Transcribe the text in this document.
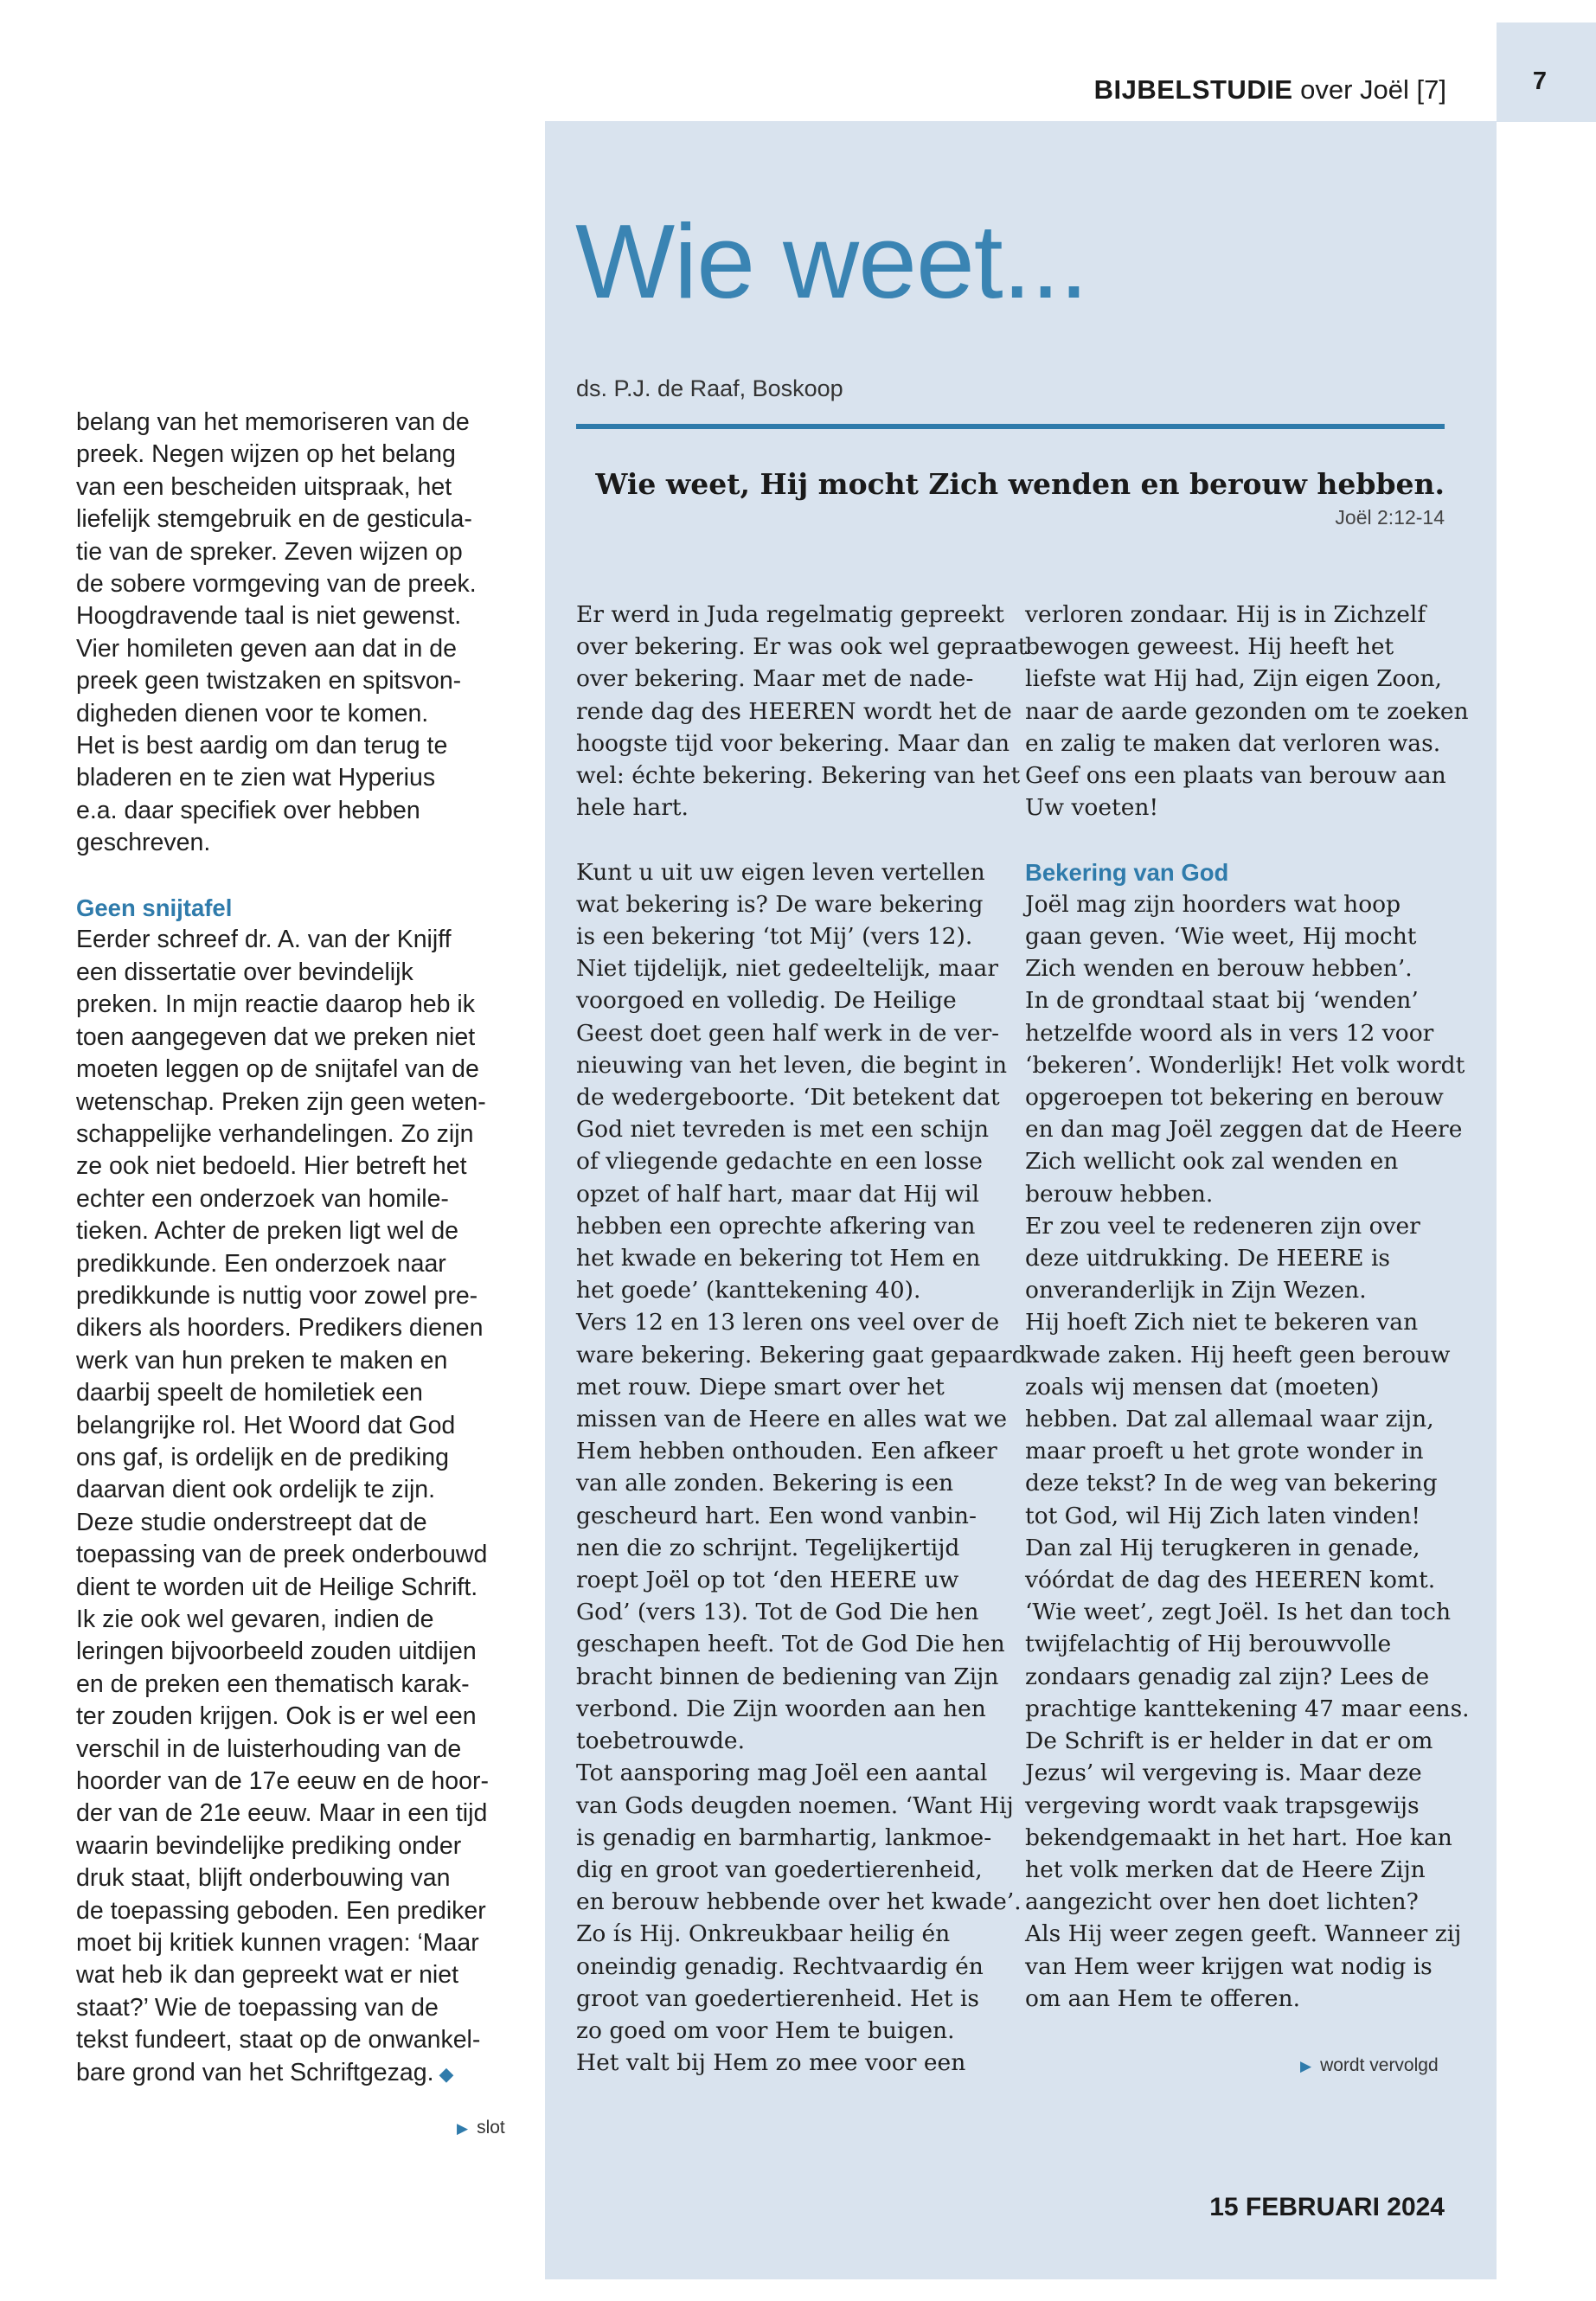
7
BIJBELSTUDIE over Joël [7]
Wie weet...
ds. P.J. de Raaf, Boskoop
Wie weet, Hij mocht Zich wenden en berouw hebben.
Joël 2:12-14
belang van het memoriseren van de
preek. Negen wijzen op het belang
van een bescheiden uitspraak, het
liefelijk stemgebruik en de gesticula-
tie van de spreker. Zeven wijzen op
de sobere vormgeving van de preek.
Hoogdravende taal is niet gewenst.
Vier homileten geven aan dat in de
preek geen twistzaken en spitsvon-
digheden dienen voor te komen.
Het is best aardig om dan terug te
bladeren en te zien wat Hyperius
e.a. daar specifiek over hebben
geschreven.
Geen snijtafel
Eerder schreef dr. A. van der Knijff
een dissertatie over bevindelijk
preken. In mijn reactie daarop heb ik
toen aangegeven dat we preken niet
moeten leggen op de snijtafel van de
wetenschap. Preken zijn geen weten-
schappelijke verhandelingen. Zo zijn
ze ook niet bedoeld. Hier betreft het
echter een onderzoek van homile-
tieken. Achter de preken ligt wel de
predikkunde. Een onderzoek naar
predikkunde is nuttig voor zowel pre-
dikers als hoorders. Predikers dienen
werk van hun preken te maken en
daarbij speelt de homiletiek een
belangrijke rol. Het Woord dat God
ons gaf, is ordelijk en de prediking
daarvan dient ook ordelijk te zijn.
Deze studie onderstreept dat de
toepassing van de preek onderbouwd
dient te worden uit de Heilige Schrift.
Ik zie ook wel gevaren, indien de
leringen bijvoorbeeld zouden uitdijen
en de preken een thematisch karak-
ter zouden krijgen. Ook is er wel een
verschil in de luisterhouding van de
hoorder van de 17e eeuw en de hoor-
der van de 21e eeuw. Maar in een tijd
waarin bevindelijke prediking onder
druk staat, blijft onderbouwing van
de toepassing geboden. Een prediker
moet bij kritiek kunnen vragen: ‘Maar
wat heb ik dan gepreekt wat er niet
staat?’ Wie de toepassing van de
tekst fundeert, staat op de onwankel-
bare grond van het Schriftgezag. ◆
▶ slot
Er werd in Juda regelmatig gepreekt
over bekering. Er was ook wel gepraat
over bekering. Maar met de nade-
rende dag des HEEREN wordt het de
hoogste tijd voor bekering. Maar dan
wel: échte bekering. Bekering van het
hele hart.
Kunt u uit uw eigen leven vertellen
wat bekering is? De ware bekering
is een bekering ‘tot Mij’ (vers 12).
Niet tijdelijk, niet gedeeltelijk, maar
voorgoed en volledig. De Heilige
Geest doet geen half werk in de ver-
nieuwing van het leven, die begint in
de wedergeboorte. ‘Dit betekent dat
God niet tevreden is met een schijn
of vliegende gedachte en een losse
opzet of half hart, maar dat Hij wil
hebben een oprechte afkering van
het kwade en bekering tot Hem en
het goede’ (kanttekening 40).
Vers 12 en 13 leren ons veel over de
ware bekering. Bekering gaat gepaard
met rouw. Diepe smart over het
missen van de Heere en alles wat we
Hem hebben onthouden. Een afkeer
van alle zonden. Bekering is een
gescheurd hart. Een wond vanbin-
nen die zo schrijnt. Tegelijkertijd
roept Joël op tot ‘den HEERE uw
God’ (vers 13). Tot de God Die hen
geschapen heeft. Tot de God Die hen
bracht binnen de bediening van Zijn
verbond. Die Zijn woorden aan hen
toebetrouwde.
Tot aansporing mag Joël een aantal
van Gods deugden noemen. ‘Want Hij
is genadig en barmhartig, lankmoe-
dig en groot van goedertierenheid,
en berouw hebbende over het kwade’.
Zo ís Hij. Onkreukbaar heilig én
oneindig genadig. Rechtvaardig én
groot van goedertierenheid. Het is
zo goed om voor Hem te buigen.
Het valt bij Hem zo mee voor een
verloren zondaar. Hij is in Zichzelf
bewogen geweest. Hij heeft het
liefste wat Hij had, Zijn eigen Zoon,
naar de aarde gezonden om te zoeken
en zalig te maken dat verloren was.
Geef ons een plaats van berouw aan
Uw voeten!
Bekering van God
Joël mag zijn hoorders wat hoop
gaan geven. ‘Wie weet, Hij mocht
Zich wenden en berouw hebben’.
In de grondtaal staat bij ‘wenden’
hetzelfde woord als in vers 12 voor
‘bekeren’. Wonderlijk! Het volk wordt
opgeroepen tot bekering en berouw
en dan mag Joël zeggen dat de Heere
Zich wellicht ook zal wenden en
berouw hebben.
Er zou veel te redeneren zijn over
deze uitdrukking. De HEERE is
onveranderlijk in Zijn Wezen.
Hij hoeft Zich niet te bekeren van
kwade zaken. Hij heeft geen berouw
zoals wij mensen dat (moeten)
hebben. Dat zal allemaal waar zijn,
maar proeft u het grote wonder in
deze tekst? In de weg van bekering
tot God, wil Hij Zich laten vinden!
Dan zal Hij terugkeren in genade,
vóórdat de dag des HEEREN komt.
‘Wie weet’, zegt Joël. Is het dan toch
twijfelachtig of Hij berouwvolle
zondaars genadig zal zijn? Lees de
prachtige kanttekening 47 maar eens.
De Schrift is er helder in dat er om
Jezus’ wil vergeving is. Maar deze
vergeving wordt vaak trapsgewijs
bekendgemaakt in het hart. Hoe kan
het volk merken dat de Heere Zijn
aangezicht over hen doet lichten?
Als Hij weer zegen geeft. Wanneer zij
van Hem weer krijgen wat nodig is
om aan Hem te offeren.
▶ wordt vervolgd
15 FEBRUARI 2024
